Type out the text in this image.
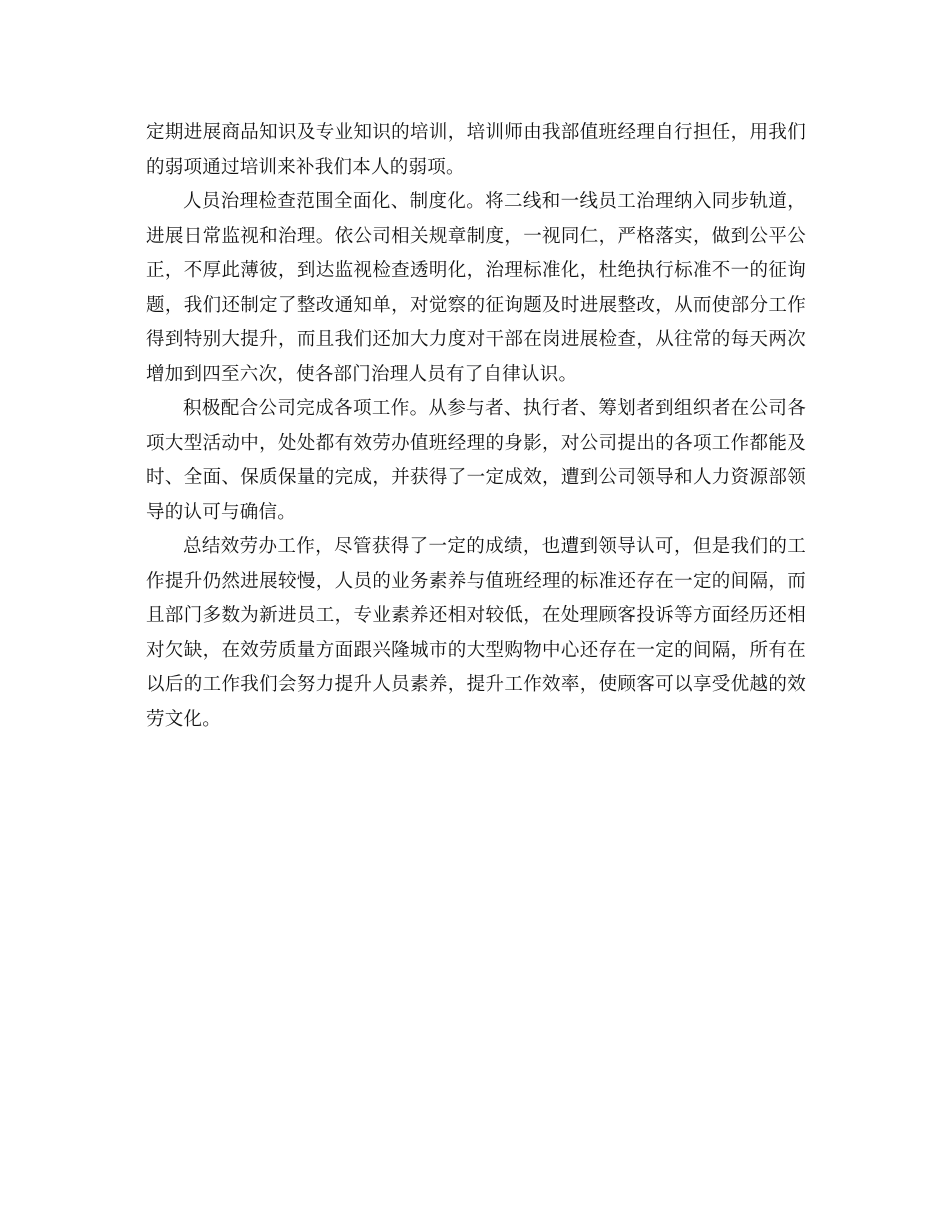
定期进展商品知识及专业知识的培训，培训师由我部值班经理自行担任，用我们的弱项通过培训来补我们本人的弱项。

人员治理检查范围全面化、制度化。将二线和一线员工治理纳入同步轨道，进展日常监视和治理。依公司相关规章制度，一视同仁，严格落实，做到公平公正，不厚此薄彼，到达监视检查透明化，治理标准化，杜绝执行标准不一的征询题，我们还制定了整改通知单，对觉察的征询题及时进展整改，从而使部分工作得到特别大提升，而且我们还加大力度对干部在岗进展检查，从往常的每天两次增加到四至六次，使各部门治理人员有了自律认识。

积极配合公司完成各项工作。从参与者、执行者、筹划者到组织者在公司各项大型活动中，处处都有效劳办值班经理的身影，对公司提出的各项工作都能及时、全面、保质保量的完成，并获得了一定成效，遭到公司领导和人力资源部领导的认可与确信。

总结效劳办工作，尽管获得了一定的成绩，也遭到领导认可，但是我们的工作提升仍然进展较慢，人员的业务素养与值班经理的标准还存在一定的间隔，而且部门多数为新进员工，专业素养还相对较低，在处理顾客投诉等方面经历还相对欠缺，在效劳质量方面跟兴隆城市的大型购物中心还存在一定的间隔，所有在以后的工作我们会努力提升人员素养，提升工作效率，使顾客可以享受优越的效劳文化。
